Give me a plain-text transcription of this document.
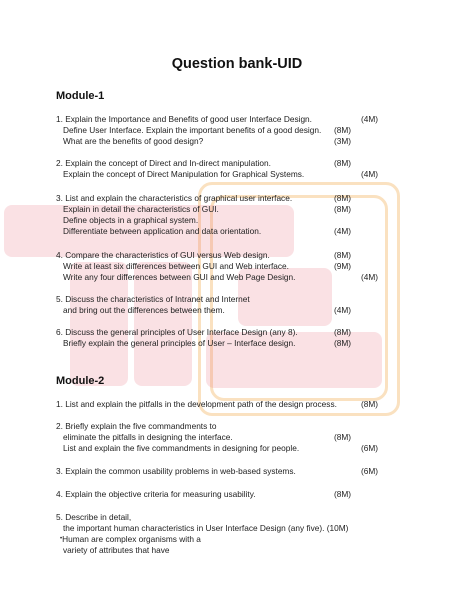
Question bank-UID
Module-1
1. Explain the Importance and Benefits of good user Interface Design.	(4M)
Define User Interface. Explain the important benefits of a good design. (8M)
What are the benefits of good design?	(3M)
2. Explain the concept of Direct and In-direct manipulation.	(8M)
Explain the concept of Direct Manipulation for Graphical Systems.	(4M)
3. List and explain the characteristics of graphical user interface.	(8M)
Explain in detail the characteristics of GUI.	(8M)
Define objects in a graphical system.
Differentiate between application and data orientation.	(4M)
4. Compare the characteristics of GUI versus Web design.	(8M)
Write at least six differences between GUI and Web interface.	(9M)
Write any four differences between GUI and Web Page Design.	(4M)
5. Discuss the characteristics of Intranet and Internet
and bring out the differences between them.	(4M)
6. Discuss the general principles of User Interface Design (any 8).	(8M)
Briefly explain the general principles of User – Interface design.	(8M)
Module-2
1. List and explain the pitfalls in the development path of the design process.	(8M)
2. Briefly explain the five commandments to
eliminate the pitfalls in designing the interface.	(8M)
List and explain the five commandments in designing for people.	(6M)
3. Explain the common usability problems in web-based systems.	(6M)
4. Explain the objective criteria for measuring usability.	(8M)
5. Describe in detail,
the important human characteristics in User Interface Design (any five). (10M)
•Human are complex organisms with a
variety of attributes that have
